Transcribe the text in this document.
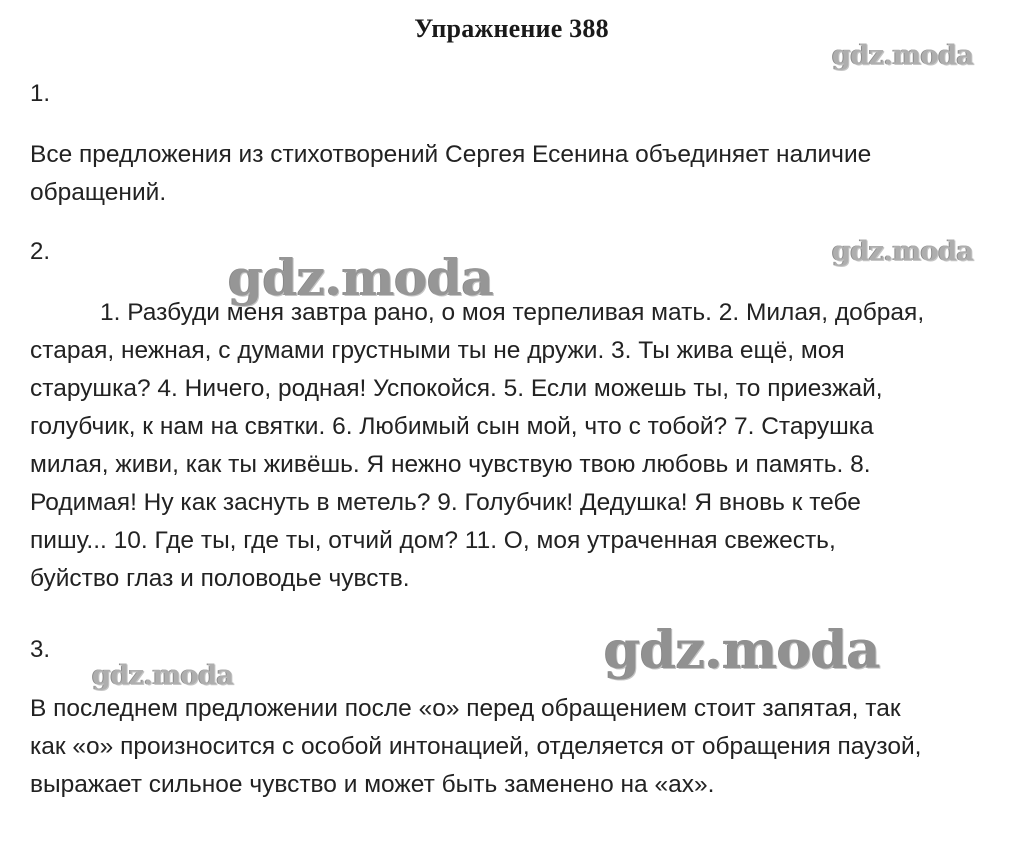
Упражнение 388
1.
Все предложения из стихотворений Сергея Есенина объединяет наличие
обращений.
2.
1. Разбуди меня завтра рано, о моя терпеливая мать. 2. Милая, добрая,
старая, нежная, с думами грустными ты не дружи. 3. Ты жива ещё, моя
старушка? 4. Ничего, родная! Успокойся. 5. Если можешь ты, то приезжай,
голубчик, к нам на святки. 6. Любимый сын мой, что с тобой? 7. Старушка
милая, живи, как ты живёшь. Я нежно чувствую твою любовь и память. 8.
Родимая! Ну как заснуть в метель? 9. Голубчик! Дедушка! Я вновь к тебе
пишу... 10. Где ты, где ты, отчий дом? 11. О, моя утраченная свежесть,
буйство глаз и половодье чувств.
3.
В последнем предложении после «о» перед обращением стоит запятая, так
как «о» произносится с особой интонацией, отделяется от обращения паузой,
выражает сильное чувство и может быть заменено на «ах».
gdz.moda
gdz.moda
gdz.moda
gdz.moda
gdz.moda
